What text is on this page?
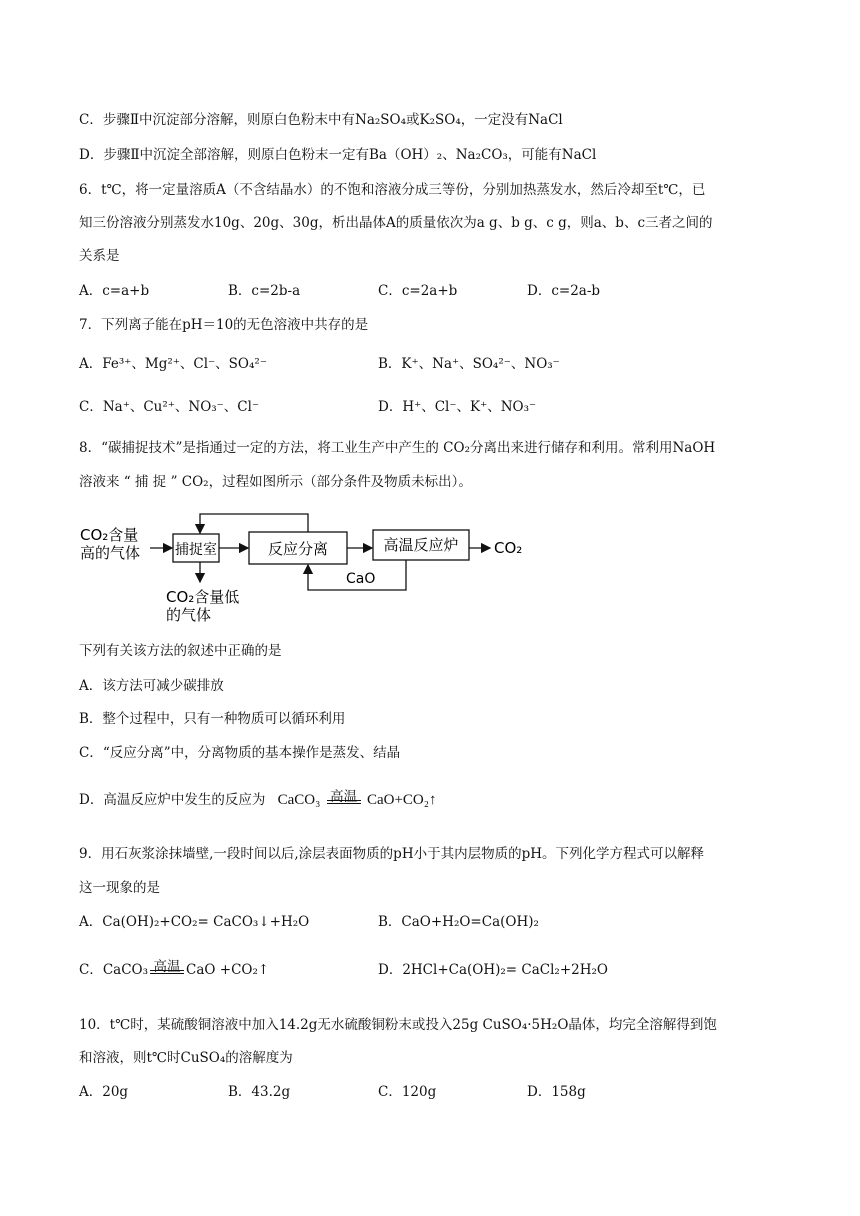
C．步骤Ⅱ中沉淀部分溶解，则原白色粉末中有Na₂SO₄或K₂SO₄，一定没有NaCl
D．步骤Ⅱ中沉淀全部溶解，则原白色粉末一定有Ba（OH）₂、Na₂CO₃，可能有NaCl
6．t℃，将一定量溶质A（不含结晶水）的不饱和溶液分成三等份，分别加热蒸发水，然后冷却至t℃，已
知三份溶液分别蒸发水10g、20g、30g，析出晶体A的质量依次为a g、b g、c g，则a、b、c三者之间的
关系是
A．c=a+b	B．c=2b-a	C．c=2a+b	D．c=2a-b
7．下列离子能在pH＝10的无色溶液中共存的是
A．Fe³⁺、Mg²⁺、Cl⁻、SO₄²⁻	B．K⁺、Na⁺、SO₄²⁻、NO₃⁻
C．Na⁺、Cu²⁺、NO₃⁻、Cl⁻	D．H⁺、Cl⁻、K⁺、NO₃⁻
8．“碳捕捉技术”是指通过一定的方法，将工业生产中产生的 CO₂分离出来进行储存和利用。常利用NaOH
溶液来 “ 捕 捉 ” CO₂，过程如图所示（部分条件及物质未标出）。
CO₂含量
高的气体 捕捉室	反应分离	高温反应炉 CO₂
CaO
CO₂含量低
的气体
下列有关该方法的叙述中正确的是
A．该方法可减少碳排放
B．整个过程中，只有一种物质可以循环利用
C．“反应分离”中，分离物质的基本操作是蒸发、结晶
D．高温反应炉中发生的反应为 CaCO₃ 高温 CaO+CO₂↑
9．用石灰浆涂抹墙壁,一段时间以后,涂层表面物质的pH小于其内层物质的pH。下列化学方程式可以解释
这一现象的是
A．Ca(OH)₂+CO₂= CaCO₃↓+H₂O	B．CaO+H₂O=Ca(OH)₂
C．CaCO₃ 高温 CaO +CO₂↑	D．2HCl+Ca(OH)₂= CaCl₂+2H₂O
10．t℃时，某硫酸铜溶液中加入14.2g无水硫酸铜粉末或投入25g CuSO₄·5H₂O晶体，均完全溶解得到饱
和溶液，则t℃时CuSO₄的溶解度为
A．20g	B．43.2g	C．120g	D．158g
